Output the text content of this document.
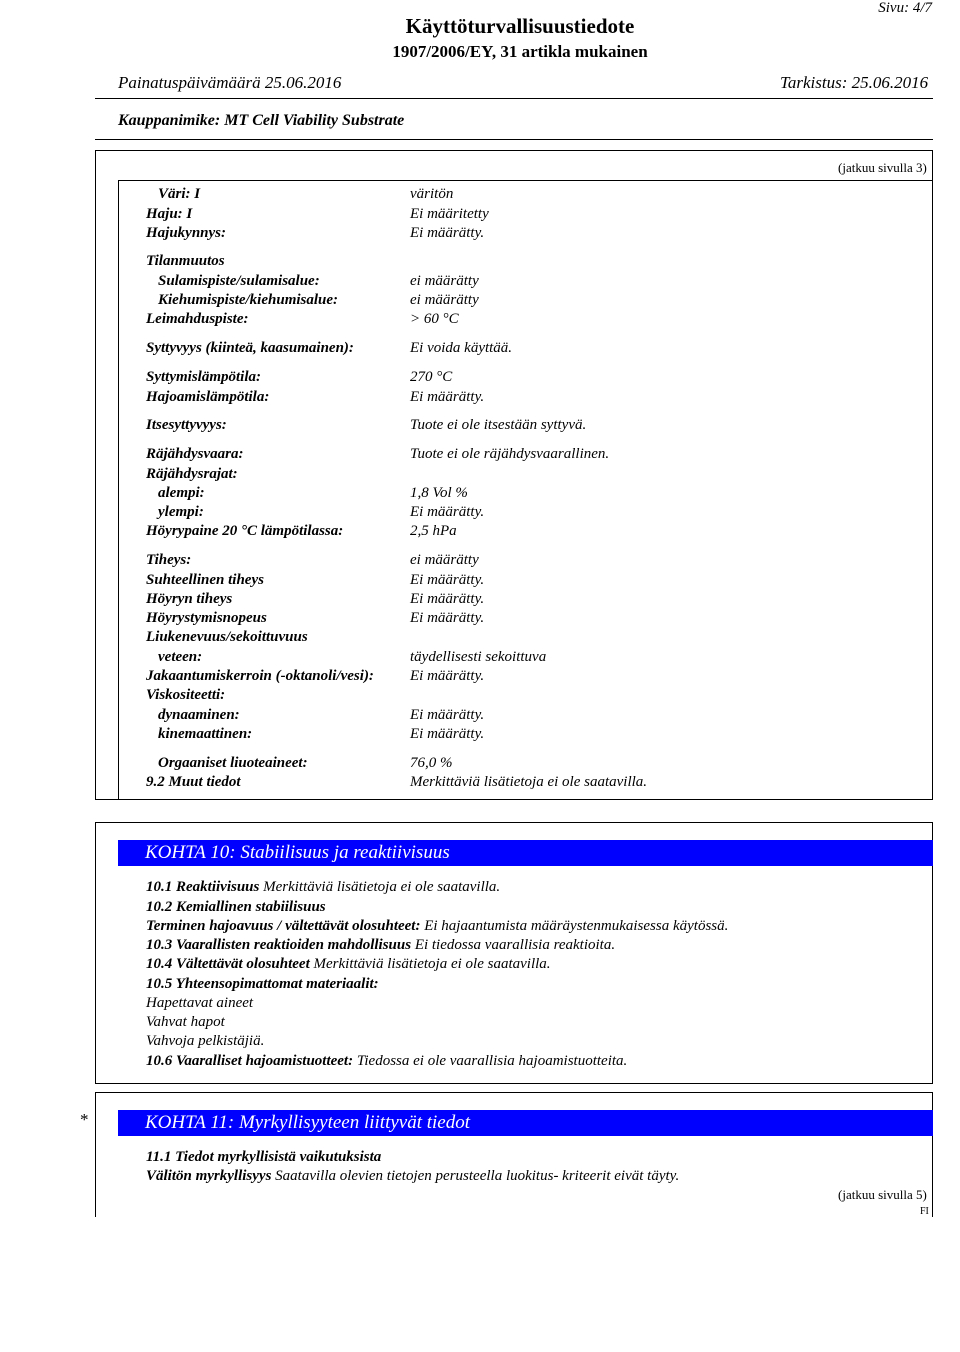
Sivu: 4/7
Käyttöturvallisuustiedote
1907/2006/EY, 31 artikla mukainen
Painatuspäivämäärä 25.06.2016	Tarkistus: 25.06.2016
Kauppanimike: MT Cell Viability Substrate
(jatkuu sivulla 3)
Väri: I	väritön
Haju: I	Ei määritetty
Hajukynnys:	Ei määrätty.
Tilanmuutos
Sulamispiste/sulamisalue:	ei määrätty
Kiehumispiste/kiehumisalue:	ei määrätty
Leimahduspiste:	> 60 °C
Syttyvyys (kiinteä, kaasumainen):	Ei voida käyttää.
Syttymislämpötila:	270 °C
Hajoamislämpötila:	Ei määrätty.
Itsesyttyvyys:	Tuote ei ole itsestään syttyvä.
Räjähdysvaara:	Tuote ei ole räjähdysvaarallinen.
Räjähdysrajat:
alempi:	1,8 Vol %
ylempi:	Ei määrätty.
Höyrypaine 20 °C lämpötilassa:	2,5 hPa
Tiheys:	ei määrätty
Suhteellinen tiheys	Ei määrätty.
Höyryn tiheys	Ei määrätty.
Höyrystymisnopeus	Ei määrätty.
Liukenevuus/sekoittuvuus
veteen:	täydellisesti sekoittuva
Jakaantumiskerroin (-oktanoli/vesi): Ei määrätty.
Viskositeetti:
dynaaminen:	Ei määrätty.
kinemaattinen:	Ei määrätty.
Orgaaniset liuoteaineet:	76,0 %
9.2 Muut tiedot	Merkittäviä lisätietoja ei ole saatavilla.
KOHTA 10: Stabiilisuus ja reaktiivisuus
10.1 Reaktiivisuus Merkittäviä lisätietoja ei ole saatavilla.
10.2 Kemiallinen stabiilisuus
Terminen hajoavuus / vältettävät olosuhteet: Ei hajaantumista määräystenmukaisessa käytössä.
10.3 Vaarallisten reaktioiden mahdollisuus Ei tiedossa vaarallisia reaktioita.
10.4 Vältettävät olosuhteet Merkittäviä lisätietoja ei ole saatavilla.
10.5 Yhteensopimattomat materiaalit:
Hapettavat aineet
Vahvat hapot
Vahvoja pelkistäjiä.
10.6 Vaaralliset hajoamistuotteet: Tiedossa ei ole vaarallisia hajoamistuotteita.
*	KOHTA 11: Myrkyllisyyteen liittyvät tiedot
11.1 Tiedot myrkyllisistä vaikutuksista
Välitön myrkyllisyys Saatavilla olevien tietojen perusteella luokitus- kriteerit eivät täyty.
(jatkuu sivulla 5)
FI
